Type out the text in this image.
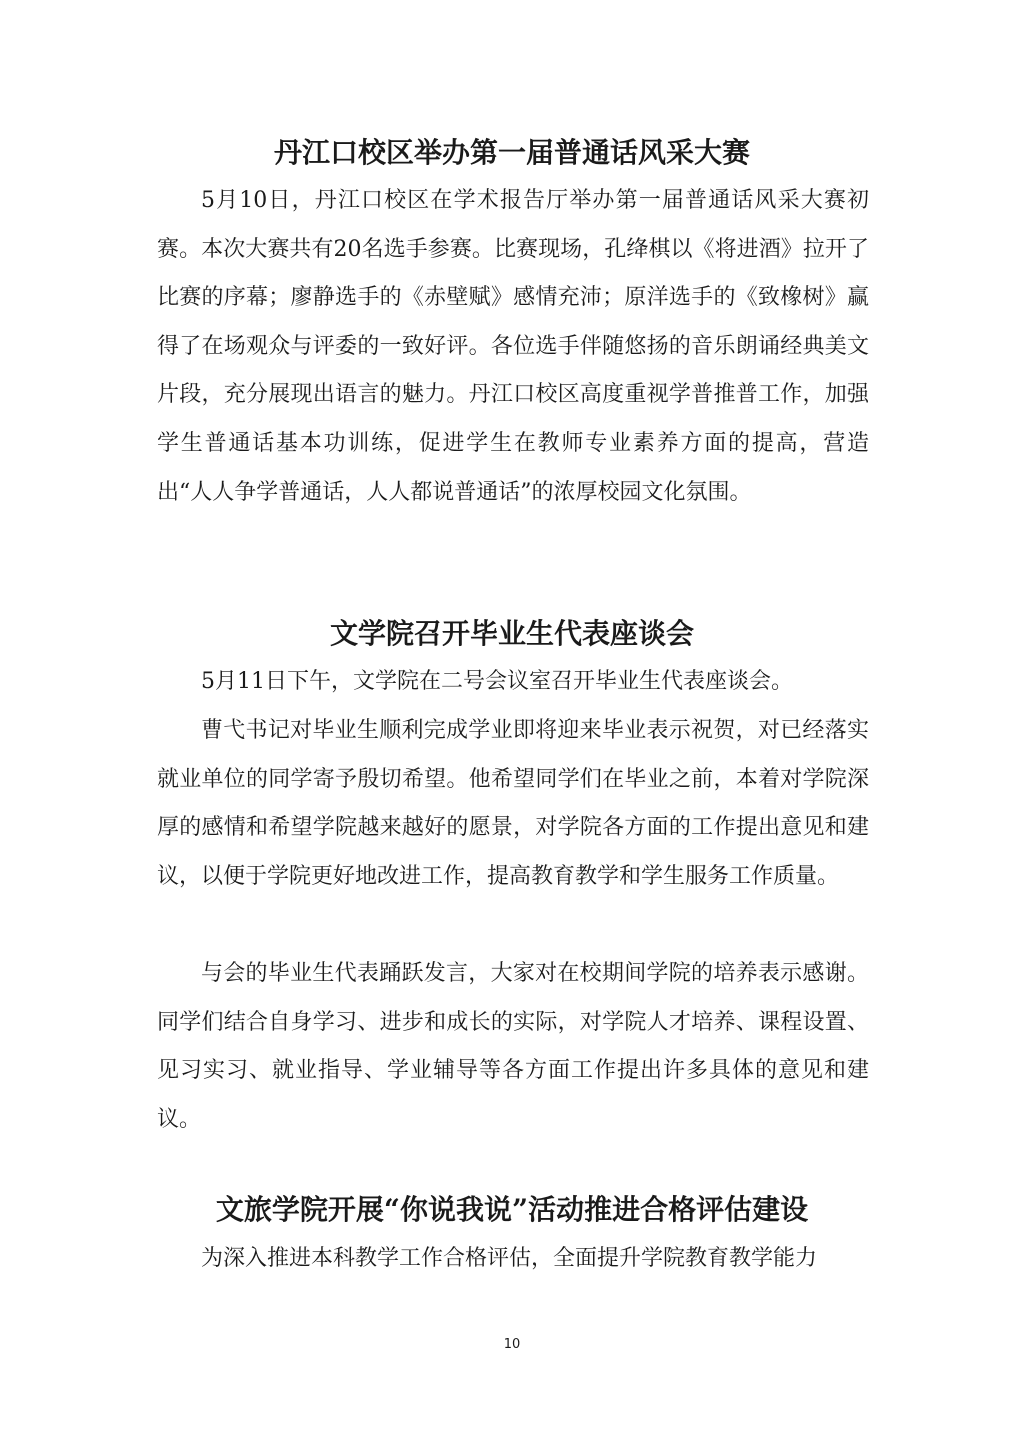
丹江口校区举办第一届普通话风采大赛

5月10日，丹江口校区在学术报告厅举办第一届普通话风采大赛初赛。本次大赛共有20名选手参赛。比赛现场，孔绛棋以《将进酒》拉开了比赛的序幕；廖静选手的《赤壁赋》感情充沛；原洋选手的《致橡树》赢得了在场观众与评委的一致好评。各位选手伴随悠扬的音乐朗诵经典美文片段，充分展现出语言的魅力。丹江口校区高度重视学普推普工作，加强学生普通话基本功训练，促进学生在教师专业素养方面的提高，营造出“人人争学普通话，人人都说普通话”的浓厚校园文化氛围。

文学院召开毕业生代表座谈会

5月11日下午，文学院在二号会议室召开毕业生代表座谈会。

曹弋书记对毕业生顺利完成学业即将迎来毕业表示祝贺，对已经落实就业单位的同学寄予殷切希望。他希望同学们在毕业之前，本着对学院深厚的感情和希望学院越来越好的愿景，对学院各方面的工作提出意见和建议，以便于学院更好地改进工作，提高教育教学和学生服务工作质量。

与会的毕业生代表踊跃发言，大家对在校期间学院的培养表示感谢。同学们结合自身学习、进步和成长的实际，对学院人才培养、课程设置、见习实习、就业指导、学业辅导等各方面工作提出许多具体的意见和建议。

文旅学院开展“你说我说”活动推进合格评估建设

为深入推进本科教学工作合格评估，全面提升学院教育教学能力

10
